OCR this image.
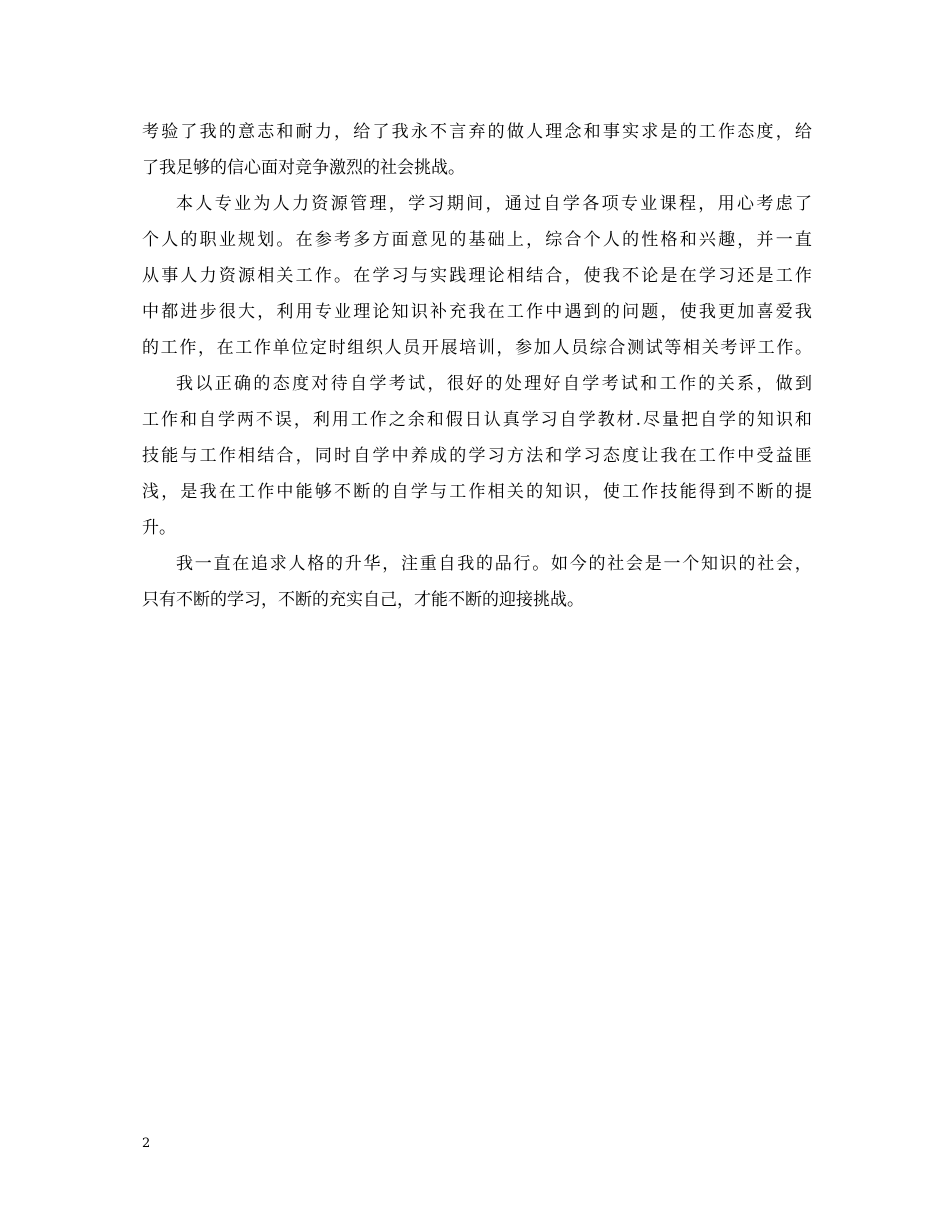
考 验 了 我 的 意 志 和 耐 力 ， 给 了 我 永 不 言 弃 的 做 人 理 念 和 事 实 求 是 的 工 作 态 度 ， 给
了 我 足 够 的 信 心 面 对 竞 争 激 烈 的 社 会 挑 战 。
本 人 专 业 为 人 力 资 源 管 理 ， 学 习 期 间 ， 通 过 自 学 各 项 专 业 课 程 ， 用 心 考 虑 了
个 人 的 职 业 规 划 。 在 参 考 多 方 面 意 见 的 基 础 上 ， 综 合 个 人 的 性 格 和 兴 趣 ， 并 一 直
从 事 人 力 资 源 相 关 工 作 。 在 学 习 与 实 践 理 论 相 结 合 ， 使 我 不 论 是 在 学 习 还 是 工 作
中 都 进 步 很 大 ， 利 用 专 业 理 论 知 识 补 充 我 在 工 作 中 遇 到 的 问 题 ， 使 我 更 加 喜 爱 我
的 工 作 ， 在 工 作 单 位 定 时 组 织 人 员 开 展 培 训 ， 参 加 人 员 综 合 测 试 等 相 关 考 评 工 作 。
我 以 正 确 的 态 度 对 待 自 学 考 试 ， 很 好 的 处 理 好 自 学 考 试 和 工 作 的 关 系 ， 做 到
工 作 和 自 学 两 不 误 ， 利 用 工 作 之 余 和 假 日 认 真 学 习 自 学 教 材 . 尽 量 把 自 学 的 知 识 和
技 能 与 工 作 相 结 合 ， 同 时 自 学 中 养 成 的 学 习 方 法 和 学 习 态 度 让 我 在 工 作 中 受 益 匪
浅 ， 是 我 在 工 作 中 能 够 不 断 的 自 学 与 工 作 相 关 的 知 识 ， 使 工 作 技 能 得 到 不 断 的 提
升 。
我 一 直 在 追 求 人 格 的 升 华 ， 注 重 自 我 的 品 行 。 如 今 的 社 会 是 一 个 知 识 的 社 会 ，
只 有 不 断 的 学 习 ， 不 断 的 充 实 自 己 ， 才 能 不 断 的 迎 接 挑 战 。
2
